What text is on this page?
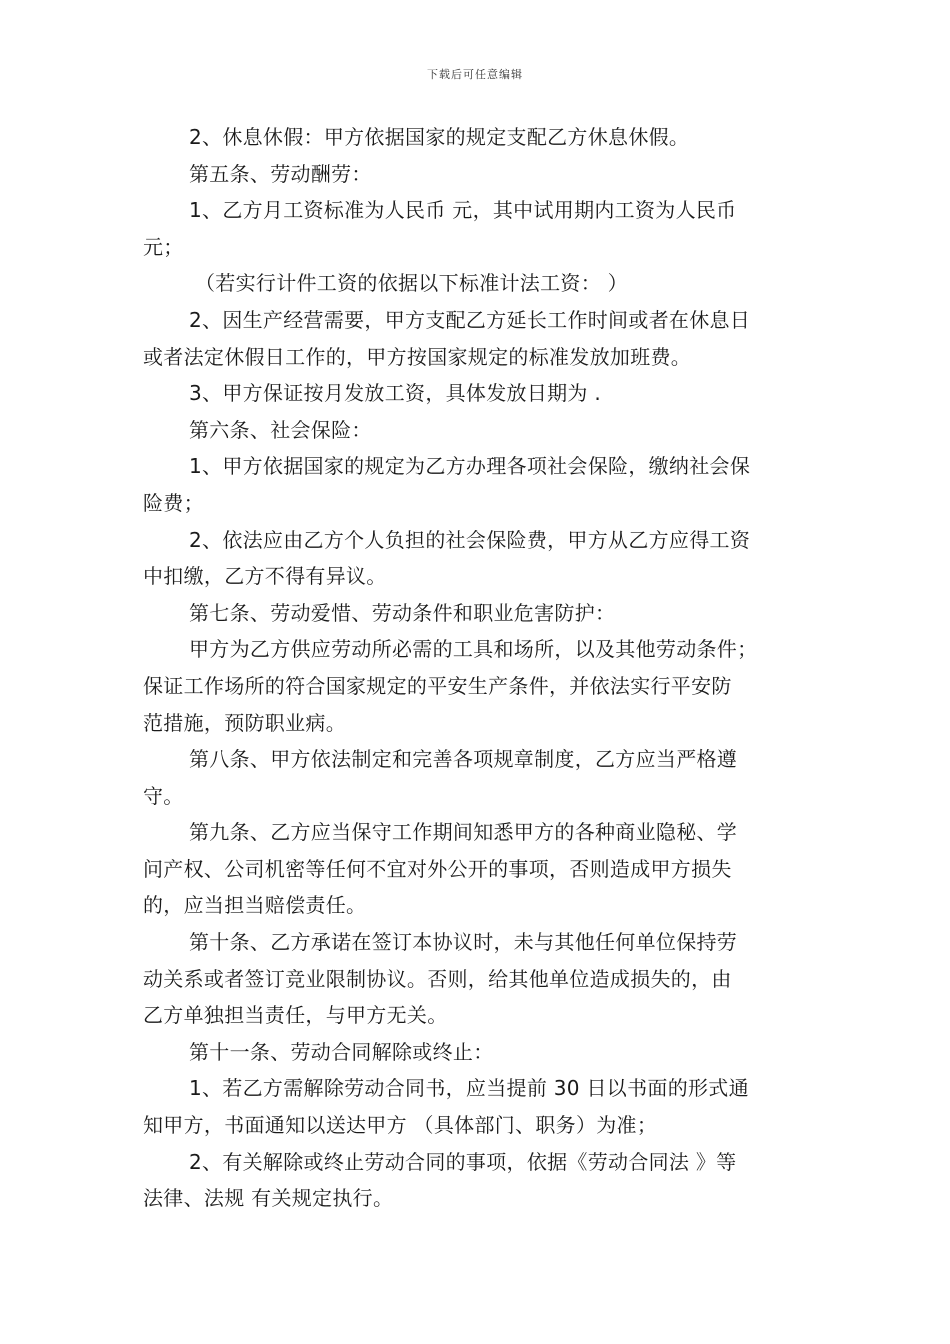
下载后可任意编辑

2、休息休假：甲方依据国家的规定支配乙方休息休假。

第五条、劳动酬劳：

1、乙方月工资标准为人民币 元，其中试用期内工资为人民币

元；

（若实行计件工资的依据以下标准计法工资： ）

2、因生产经营需要，甲方支配乙方延长工作时间或者在休息日

或者法定休假日工作的，甲方按国家规定的标准发放加班费。

3、甲方保证按月发放工资，具体发放日期为 .

第六条、社会保险：

1、甲方依据国家的规定为乙方办理各项社会保险，缴纳社会保

险费；

2、依法应由乙方个人负担的社会保险费，甲方从乙方应得工资

中扣缴，乙方不得有异议。

第七条、劳动爱惜、劳动条件和职业危害防护：

甲方为乙方供应劳动所必需的工具和场所，以及其他劳动条件；

保证工作场所的符合国家规定的平安生产条件，并依法实行平安防

范措施，预防职业病。

第八条、甲方依法制定和完善各项规章制度，乙方应当严格遵

守。

第九条、乙方应当保守工作期间知悉甲方的各种商业隐秘、学

问产权、公司机密等任何不宜对外公开的事项，否则造成甲方损失

的，应当担当赔偿责任。

第十条、乙方承诺在签订本协议时，未与其他任何单位保持劳

动关系或者签订竞业限制协议。否则，给其他单位造成损失的，由

乙方单独担当责任，与甲方无关。

第十一条、劳动合同解除或终止：

1、若乙方需解除劳动合同书，应当提前 30 日以书面的形式通

知甲方，书面通知以送达甲方 （具体部门、职务）为准；

2、有关解除或终止劳动合同的事项，依据《劳动合同法 》等

法律、法规 有关规定执行。
